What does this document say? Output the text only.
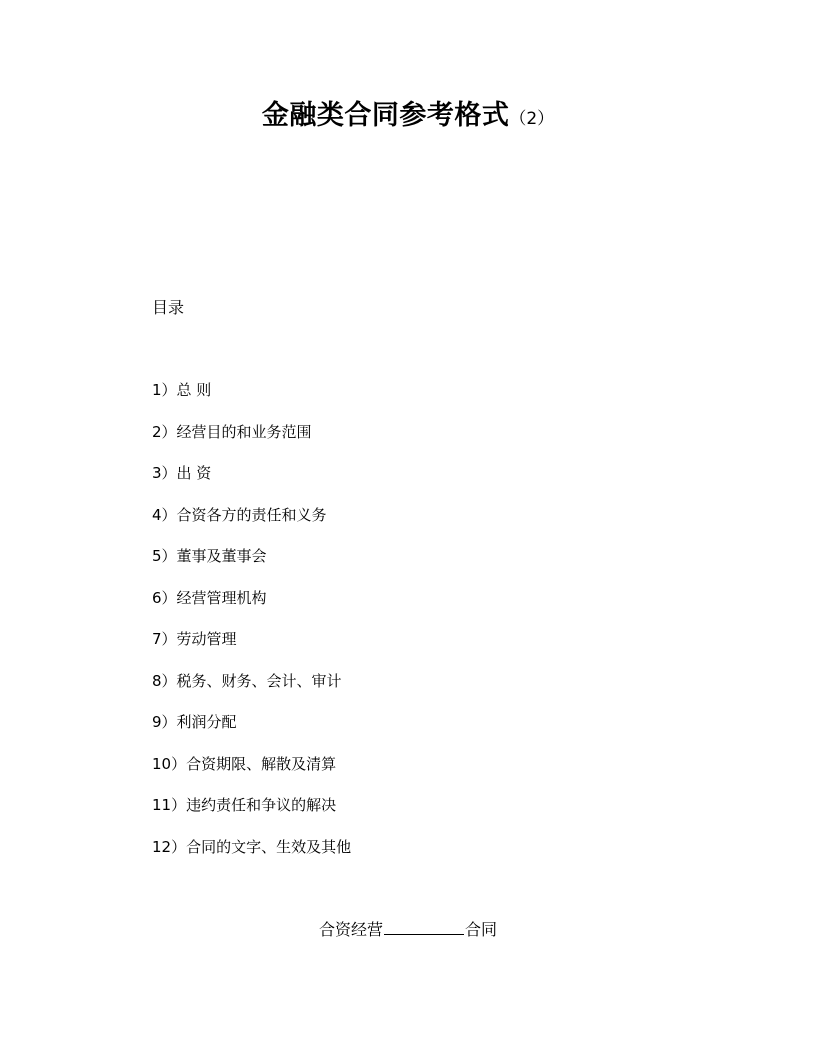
金融类合同参考格式（2）
目录
1）总 则
2）经营目的和业务范围
3）出 资
4）合资各方的责任和义务
5）董事及董事会
6）经营管理机构
7）劳动管理
8）税务、财务、会计、审计
9）利润分配
10）合资期限、解散及清算
11）违约责任和争议的解决
12）合同的文字、生效及其他
合资经营	合同
